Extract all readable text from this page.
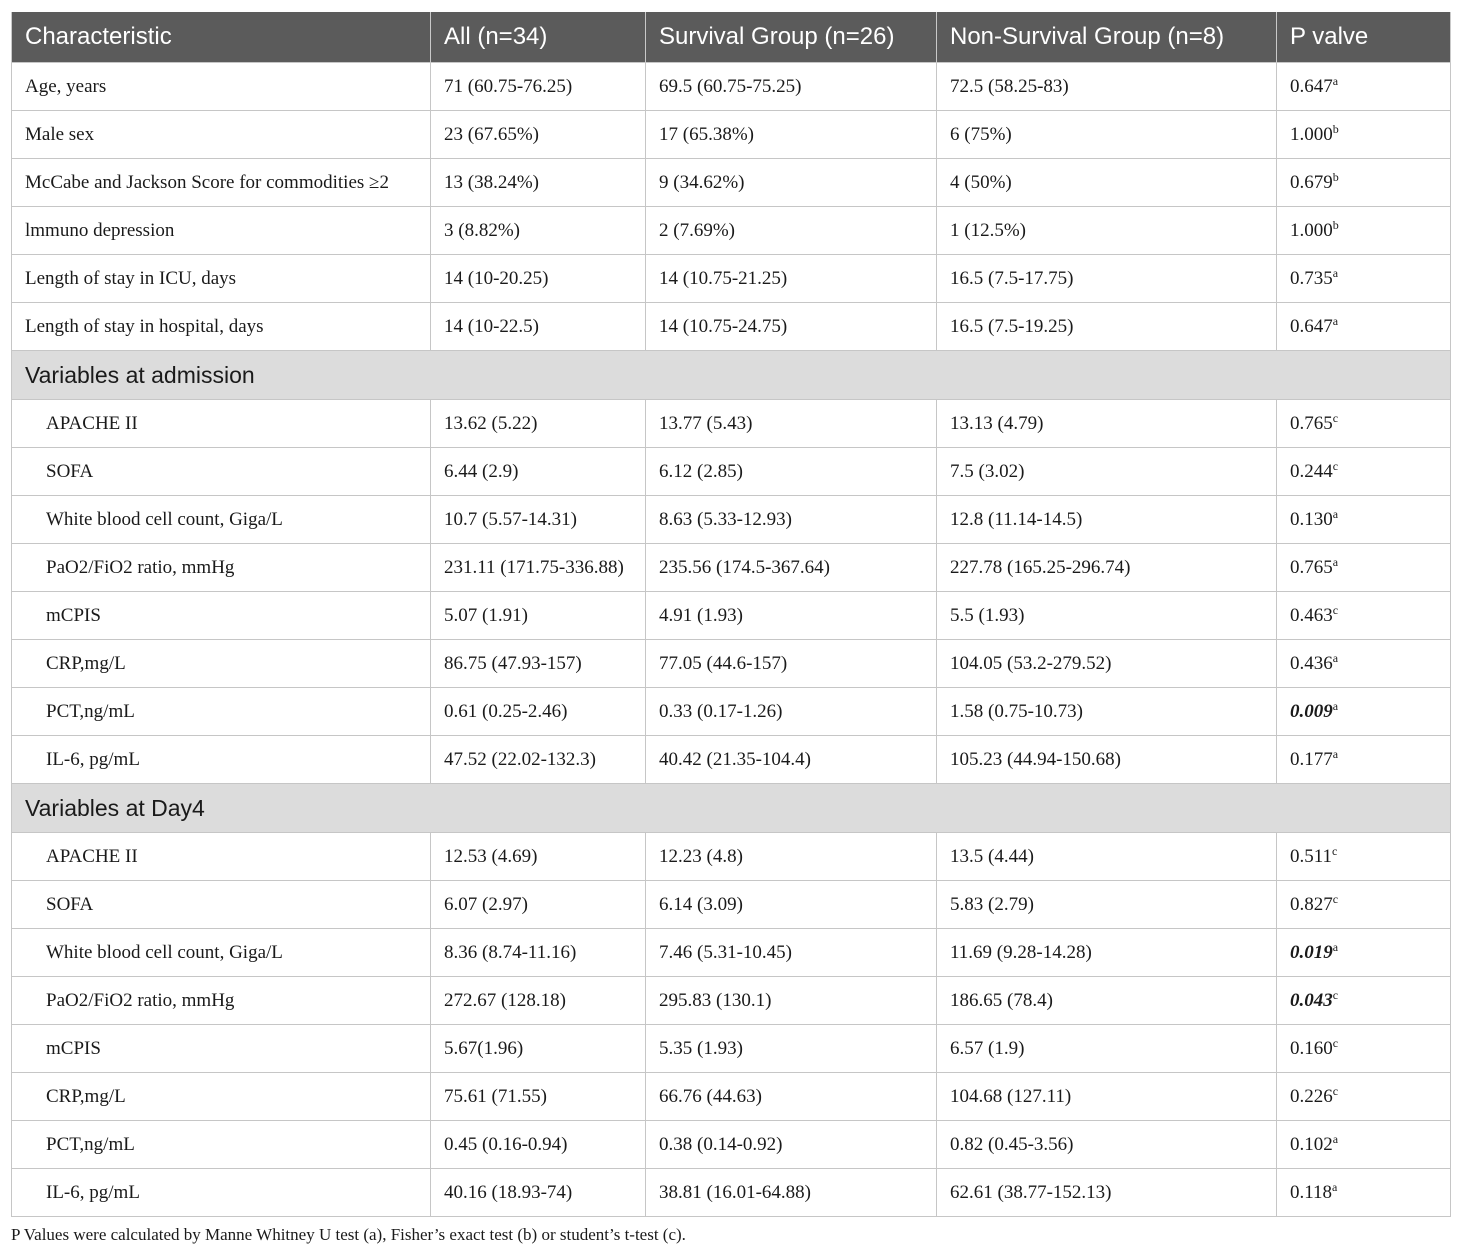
Characteristic	All (n=34)	Survival Group (n=26)	Non-Survival Group (n=8)	P valve
Age, years	71 (60.75-76.25)	69.5 (60.75-75.25)	72.5 (58.25-83)	0.647$^a$
Male sex	23 (67.65%)	17 (65.38%)	6 (75%)	1.000$^b$
McCabe and Jackson Score for commodities ≥2	13 (38.24%)	9 (34.62%)	4 (50%)	0.679$^b$
lmmuno depression	3 (8.82%)	2 (7.69%)	1 (12.5%)	1.000$^b$
Length of stay in ICU, days	14 (10-20.25)	14 (10.75-21.25)	16.5 (7.5-17.75)	0.735$^a$
Length of stay in hospital, days	14 (10-22.5)	14 (10.75-24.75)	16.5 (7.5-19.25)	0.647$^a$
Variables at admission				
APACHE II	13.62 (5.22)	13.77 (5.43)	13.13 (4.79)	0.765$^c$
SOFA	6.44 (2.9)	6.12 (2.85)	7.5 (3.02)	0.244$^c$
White blood cell count, Giga/L	10.7 (5.57-14.31)	8.63 (5.33-12.93)	12.8 (11.14-14.5)	0.130$^a$
PaO2/FiO2 ratio, mmHg	231.11 (171.75-336.88)	235.56 (174.5-367.64)	227.78 (165.25-296.74)	0.765$^a$
mCPIS	5.07 (1.91)	4.91 (1.93)	5.5 (1.93)	0.463$^c$
CRP,mg/L	86.75 (47.93-157)	77.05 (44.6-157)	104.05 (53.2-279.52)	0.436$^a$
PCT,ng/mL	0.61 (0.25-2.46)	0.33 (0.17-1.26)	1.58 (0.75-10.73)	0.009$^a$
IL-6, pg/mL	47.52 (22.02-132.3)	40.42 (21.35-104.4)	105.23 (44.94-150.68)	0.177$^a$
Variables at Day4				
APACHE II	12.53 (4.69)	12.23 (4.8)	13.5 (4.44)	0.511$^c$
SOFA	6.07 (2.97)	6.14 (3.09)	5.83 (2.79)	0.827$^c$
White blood cell count, Giga/L	8.36 (8.74-11.16)	7.46 (5.31-10.45)	11.69 (9.28-14.28)	0.019$^a$
PaO2/FiO2 ratio, mmHg	272.67 (128.18)	295.83 (130.1)	186.65 (78.4)	0.043$^c$
mCPIS	5.67(1.96)	5.35 (1.93)	6.57 (1.9)	0.160$^c$
CRP,mg/L	75.61 (71.55)	66.76 (44.63)	104.68 (127.11)	0.226$^c$
PCT,ng/mL	0.45 (0.16-0.94)	0.38 (0.14-0.92)	0.82 (0.45-3.56)	0.102$^a$
IL-6, pg/mL	40.16 (18.93-74)	38.81 (16.01-64.88)	62.61 (38.77-152.13)	0.118$^a$
P Values were calculated by Manne Whitney U test (a), Fisher’s exact test (b) or student’s t-test (c).
